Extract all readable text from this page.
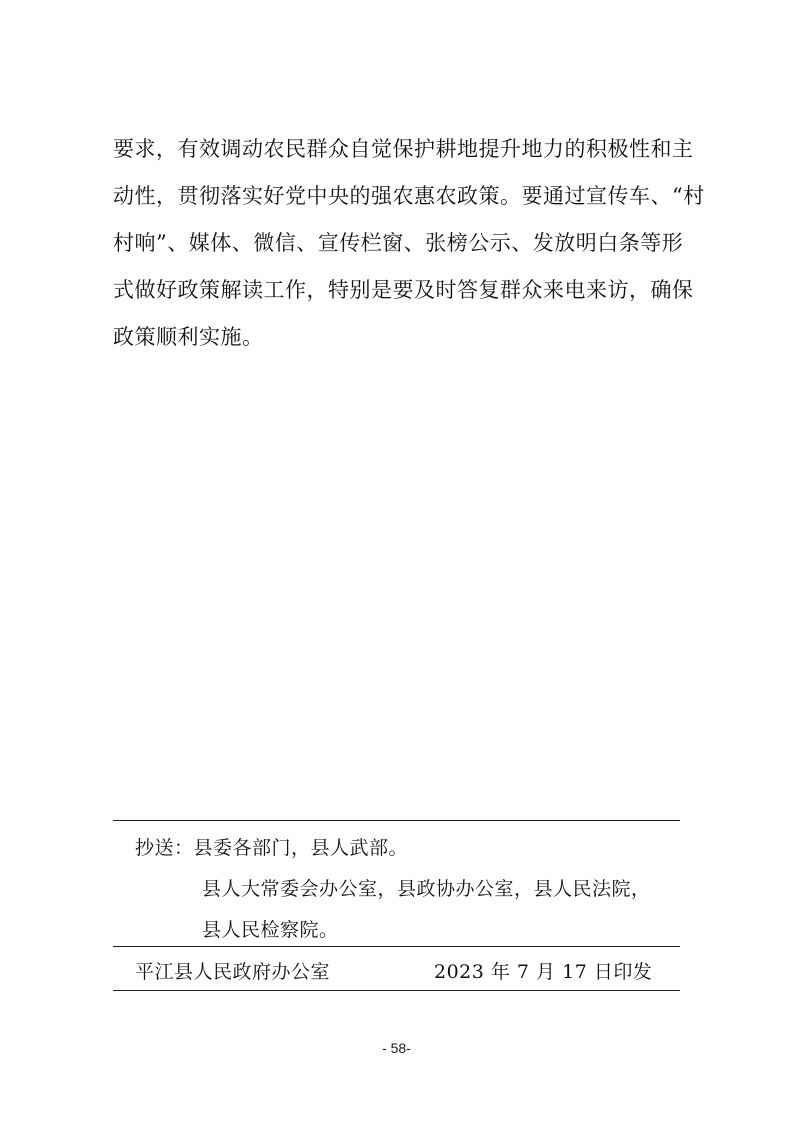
要求，有效调动农民群众自觉保护耕地提升地力的积极性和主
动性，贯彻落实好党中央的强农惠农政策。要通过宣传车、“村
村响”、媒体、微信、宣传栏窗、张榜公示、发放明白条等形
式做好政策解读工作，特别是要及时答复群众来电来访，确保
政策顺利实施。
抄送：县委各部门，县人武部。
县人大常委会办公室，县政协办公室，县人民法院，
县人民检察院。
平江县人民政府办公室	2023 年 7 月 17 日印发
- 58-
